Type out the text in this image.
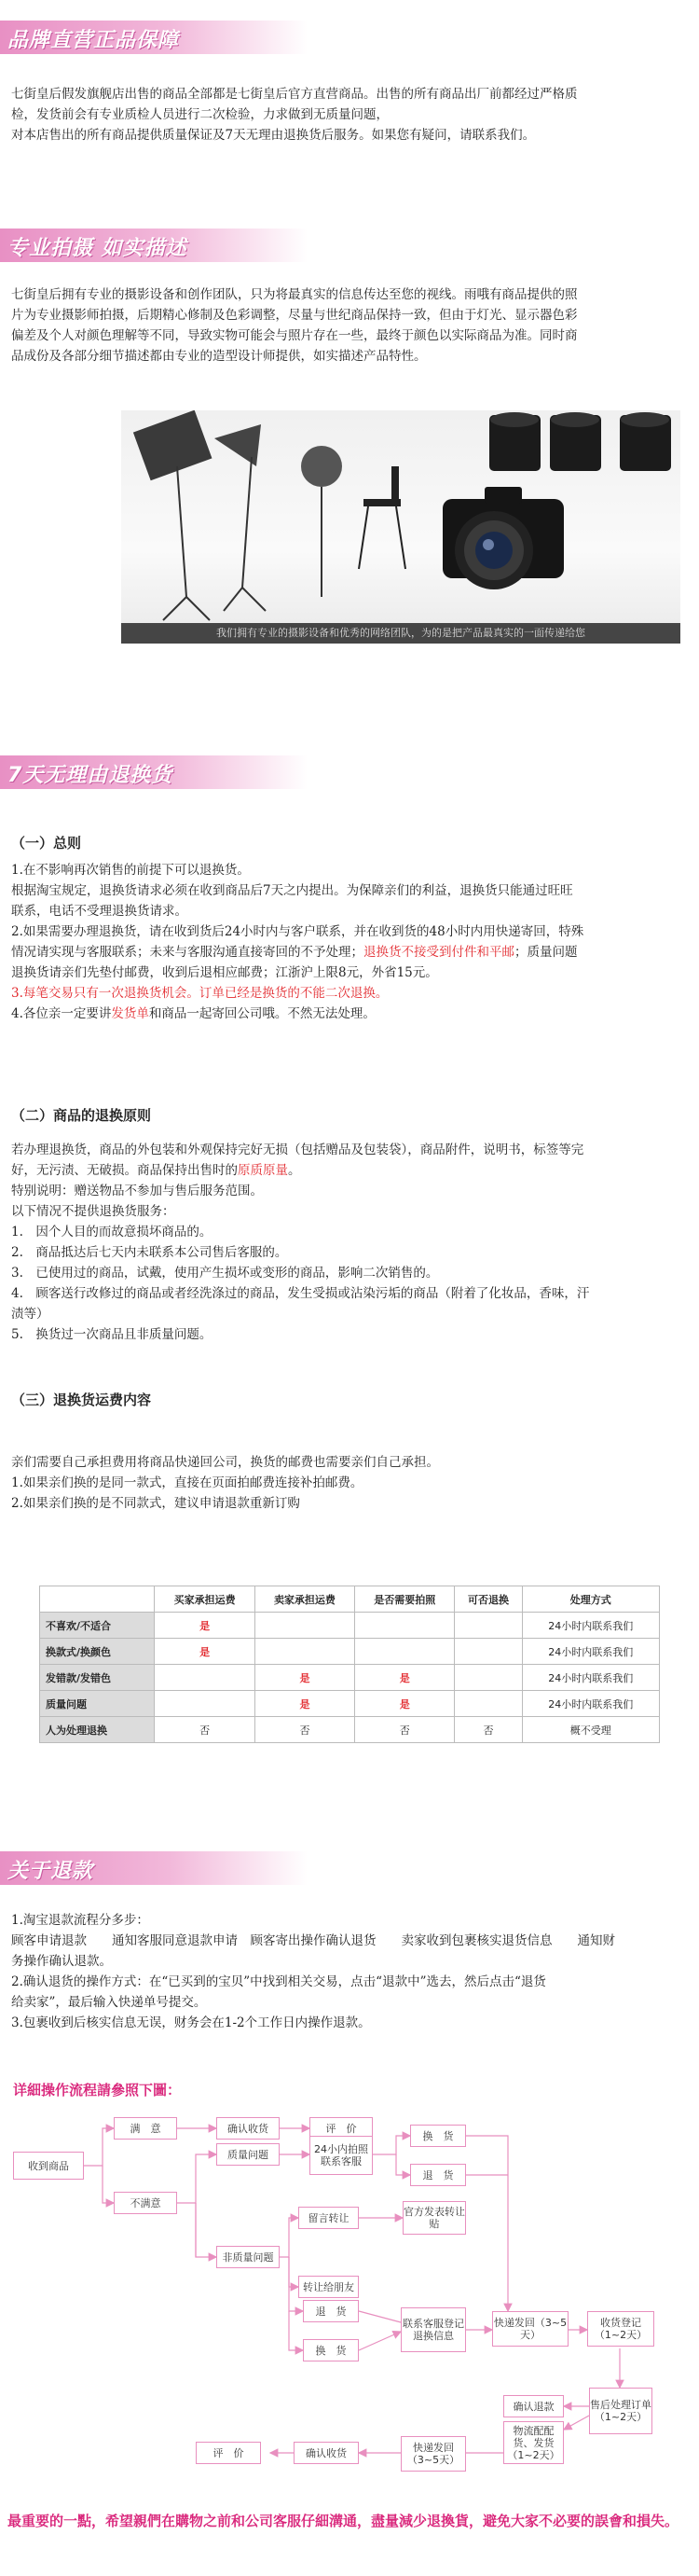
品牌直营正品保障

七街皇后假发旗舰店出售的商品全部都是七街皇后官方直营商品。出售的所有商品出厂前都经过严格质

检，发货前会有专业质检人员进行二次检验，力求做到无质量问题，

对本店售出的所有商品提供质量保证及7天无理由退换货后服务。如果您有疑问，请联系我们。

专业拍摄 如实描述

七街皇后拥有专业的摄影设备和创作团队，只为将最真实的信息传达至您的视线。雨哦有商品提供的照

片为专业摄影师拍摄，后期精心修制及色彩调整，尽量与世纪商品保持一致，但由于灯光、显示器色彩

偏差及个人对颜色理解等不同，导致实物可能会与照片存在一些，最终于颜色以实际商品为准。同时商

品成份及各部分细节描述都由专业的造型设计师提供，如实描述产品特性。

我们拥有专业的摄影设备和优秀的网络团队，为的是把产品最真实的一面传递给您
7天无理由退换货
（一）总则

1.在不影响再次销售的前提下可以退换货。

根据淘宝规定，退换货请求必须在收到商品后7天之内提出。为保障亲们的利益，退换货只能通过旺旺

联系，电话不受理退换货请求。

2.如果需要办理退换货，请在收到货后24小时内与客户联系，并在收到货的48小时内用快递寄回，特殊

情况请实现与客服联系；未来与客服沟通直接寄回的不予处理；退换货不接受到付件和平邮；质量问题

退换货请亲们先垫付邮费，收到后退相应邮费；江浙沪上限8元，外省15元。

3.每笔交易只有一次退换货机会。订单已经是换货的不能二次退换。

4.各位亲一定要讲发货单和商品一起寄回公司哦。不然无法处理。

（二）商品的退换原则

若办理退换货，商品的外包装和外观保持完好无损（包括赠品及包装袋），商品附件，说明书，标签等完

好，无污渍、无破损。商品保持出售时的原质原量。

特别说明：赠送物品不参加与售后服务范围。

以下情况不提供退换货服务：

1.　因个人目的而故意损坏商品的。

2.　商品抵达后七天内未联系本公司售后客服的。

3.　已使用过的商品，试戴，使用产生损坏或变形的商品，影响二次销售的。

4.　顾客送行改修过的商品或者经洗涤过的商品，发生受损或沾染污垢的商品（附着了化妆品，香味，汗

渍等）

5.　换货过一次商品且非质量问题。

（三）退换货运费内容

亲们需要自己承担费用将商品快递回公司，换货的邮费也需要亲们自己承担。

1.如果亲们换的是同一款式，直接在页面拍邮费连接补拍邮费。

2.如果亲们换的是不同款式，建议申请退款重新订购

	买家承担运费	卖家承担运费	是否需要拍照	可否退换	处理方式
不喜欢/不适合	是				24小时内联系我们
换款式/换颜色	是				24小时内联系我们
发错款/发错色		是	是		24小时内联系我们
质量问题		是	是		24小时内联系我们
人为处理退换	否	否	否	否	概不受理
关于退款

1.淘宝退款流程分多步：

顾客申请退款　　通知客服同意退款申请　顾客寄出操作确认退货　　卖家收到包裹核实退货信息　　通知财

务操作确认退款。

2.确认退货的操作方式：在“已买到的宝贝”中找到相关交易，点击“退款中”选去，然后点击“退货

给卖家”，最后输入快递单号提交。

3.包裹收到后核实信息无误，财务会在1-2个工作日内操作退款。

详細操作流程請參照下圖：
收到商品
满　意
不满意
确认收货	评　价
质量问题	24小内拍照联系客服
换　货
退　货
留言转让	官方发表转让贴
转让给朋友
非质量问题
退　货
换　货
联系客服登记退换信息
快递发回（3~5天）
收货登记（1~2天）
售后处理订单（1~2天）
确认退款
物流配配货、发货（1~2天）
快递发回（3~5天）
确认收货
评　价
最重要的一點，希望親們在購物之前和公司客服仔細溝通，盡量減少退換貨，避免大家不必要的誤會和損失。
